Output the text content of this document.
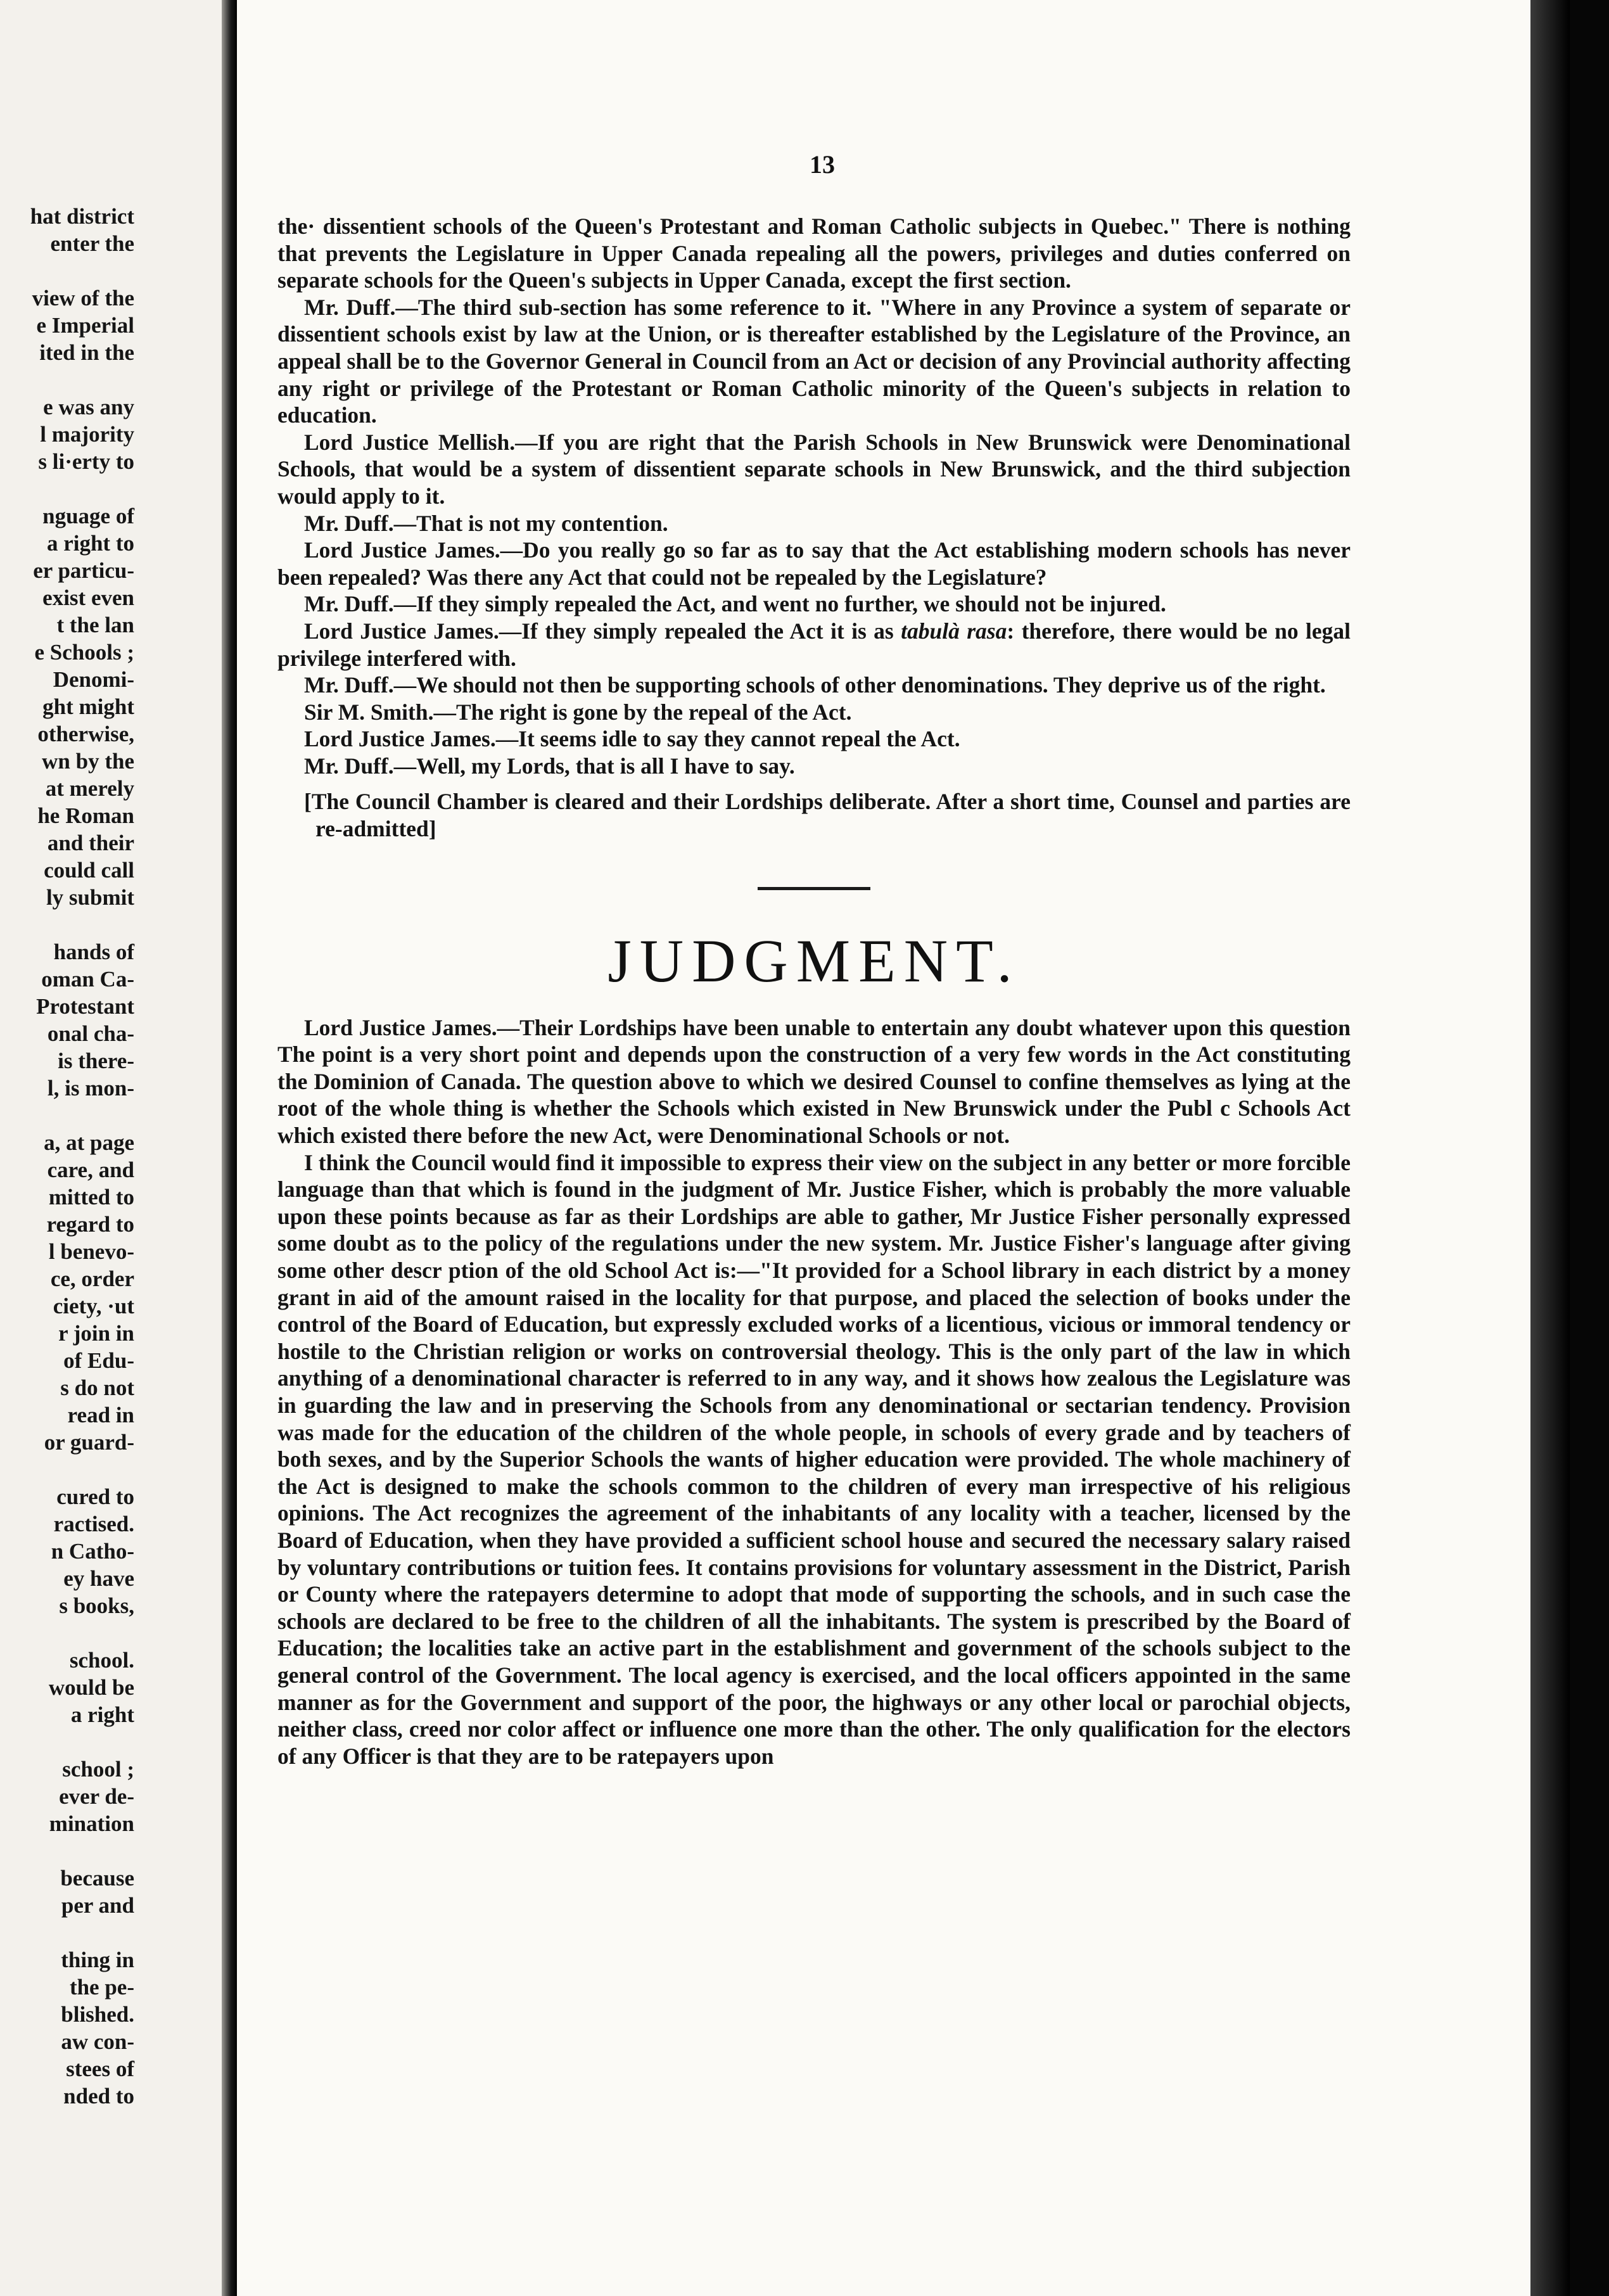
hat district
enter the
view of the
e Imperial
ited in the
e was any
l majority
s li·erty to
nguage of
a right to
er particu-
exist even
t the lan
e Schools ;
Denomi-
ght might
otherwise,
wn by the
at merely
he Roman
and their
could call
ly submit
hands of
oman Ca-
Protestant
onal cha-
is there-
l, is mon-
a, at page
care, and
mitted to
regard to
l benevo-
ce, order
ciety, ·ut
r join in
of Edu-
s do not
read in
or guard-
cured to
ractised.
n Catho-
ey have
s books,
school.
would be
a right
school ;
ever de-
mination
because
per and
thing in
the pe-
blished.
aw con-
stees of
nded to
13

the· dissentient schools of the Queen's Protestant and Roman Catholic subjects in Quebec." There is nothing that prevents the Legislature in Upper Canada repealing all the powers, privileges and duties conferred on separate schools for the Queen's subjects in Upper Canada, except the first section.

Mr. Duff.—The third sub-section has some reference to it. "Where in any Province a system of separate or dissentient schools exist by law at the Union, or is thereafter established by the Legislature of the Province, an appeal shall be to the Governor General in Council from an Act or decision of any Provincial authority affecting any right or privilege of the Protestant or Roman Catholic minority of the Queen's subjects in relation to education.

Lord Justice Mellish.—If you are right that the Parish Schools in New Brunswick were Denominational Schools, that would be a system of dissentient separate schools in New Brunswick, and the third subjection would apply to it.

Mr. Duff.—That is not my contention.

Lord Justice James.—Do you really go so far as to say that the Act establishing modern schools has never been repealed? Was there any Act that could not be repealed by the Legislature?

Mr. Duff.—If they simply repealed the Act, and went no further, we should not be injured.

Lord Justice James.—If they simply repealed the Act it is as tabulà rasa: therefore, there would be no legal privilege interfered with.

Mr. Duff.—We should not then be supporting schools of other denominations. They deprive us of the right.

Sir M. Smith.—The right is gone by the repeal of the Act.

Lord Justice James.—It seems idle to say they cannot repeal the Act.

Mr. Duff.—Well, my Lords, that is all I have to say.

[The Council Chamber is cleared and their Lordships deliberate. After a short time, Counsel and parties are re-admitted]

JUDGMENT.

Lord Justice James.—Their Lordships have been unable to entertain any doubt whatever upon this question The point is a very short point and depends upon the construction of a very few words in the Act constituting the Dominion of Canada. The question above to which we desired Counsel to confine themselves as lying at the root of the whole thing is whether the Schools which existed in New Brunswick under the Publ c Schools Act which existed there before the new Act, were Denominational Schools or not.

I think the Council would find it impossible to express their view on the subject in any better or more forcible language than that which is found in the judgment of Mr. Justice Fisher, which is probably the more valuable upon these points because as far as their Lordships are able to gather, Mr Justice Fisher personally expressed some doubt as to the policy of the regulations under the new system. Mr. Justice Fisher's language after giving some other descr ption of the old School Act is:—"It provided for a School library in each district by a money grant in aid of the amount raised in the locality for that purpose, and placed the selection of books under the control of the Board of Education, but expressly excluded works of a licentious, vicious or immoral tendency or hostile to the Christian religion or works on controversial theology. This is the only part of the law in which anything of a denominational character is referred to in any way, and it shows how zealous the Legislature was in guarding the law and in preserving the Schools from any denominational or sectarian tendency. Provision was made for the education of the children of the whole people, in schools of every grade and by teachers of both sexes, and by the Superior Schools the wants of higher education were provided. The whole machinery of the Act is designed to make the schools common to the children of every man irrespective of his religious opinions. The Act recognizes the agreement of the inhabitants of any locality with a teacher, licensed by the Board of Education, when they have provided a sufficient school house and secured the necessary salary raised by voluntary contributions or tuition fees. It contains provisions for voluntary assessment in the District, Parish or County where the ratepayers determine to adopt that mode of supporting the schools, and in such case the schools are declared to be free to the children of all the inhabitants. The system is prescribed by the Board of Education; the localities take an active part in the establishment and government of the schools subject to the general control of the Government. The local agency is exercised, and the local officers appointed in the same manner as for the Government and support of the poor, the highways or any other local or parochial objects, neither class, creed nor color affect or influence one more than the other. The only qualification for the electors of any Officer is that they are to be ratepayers upon
